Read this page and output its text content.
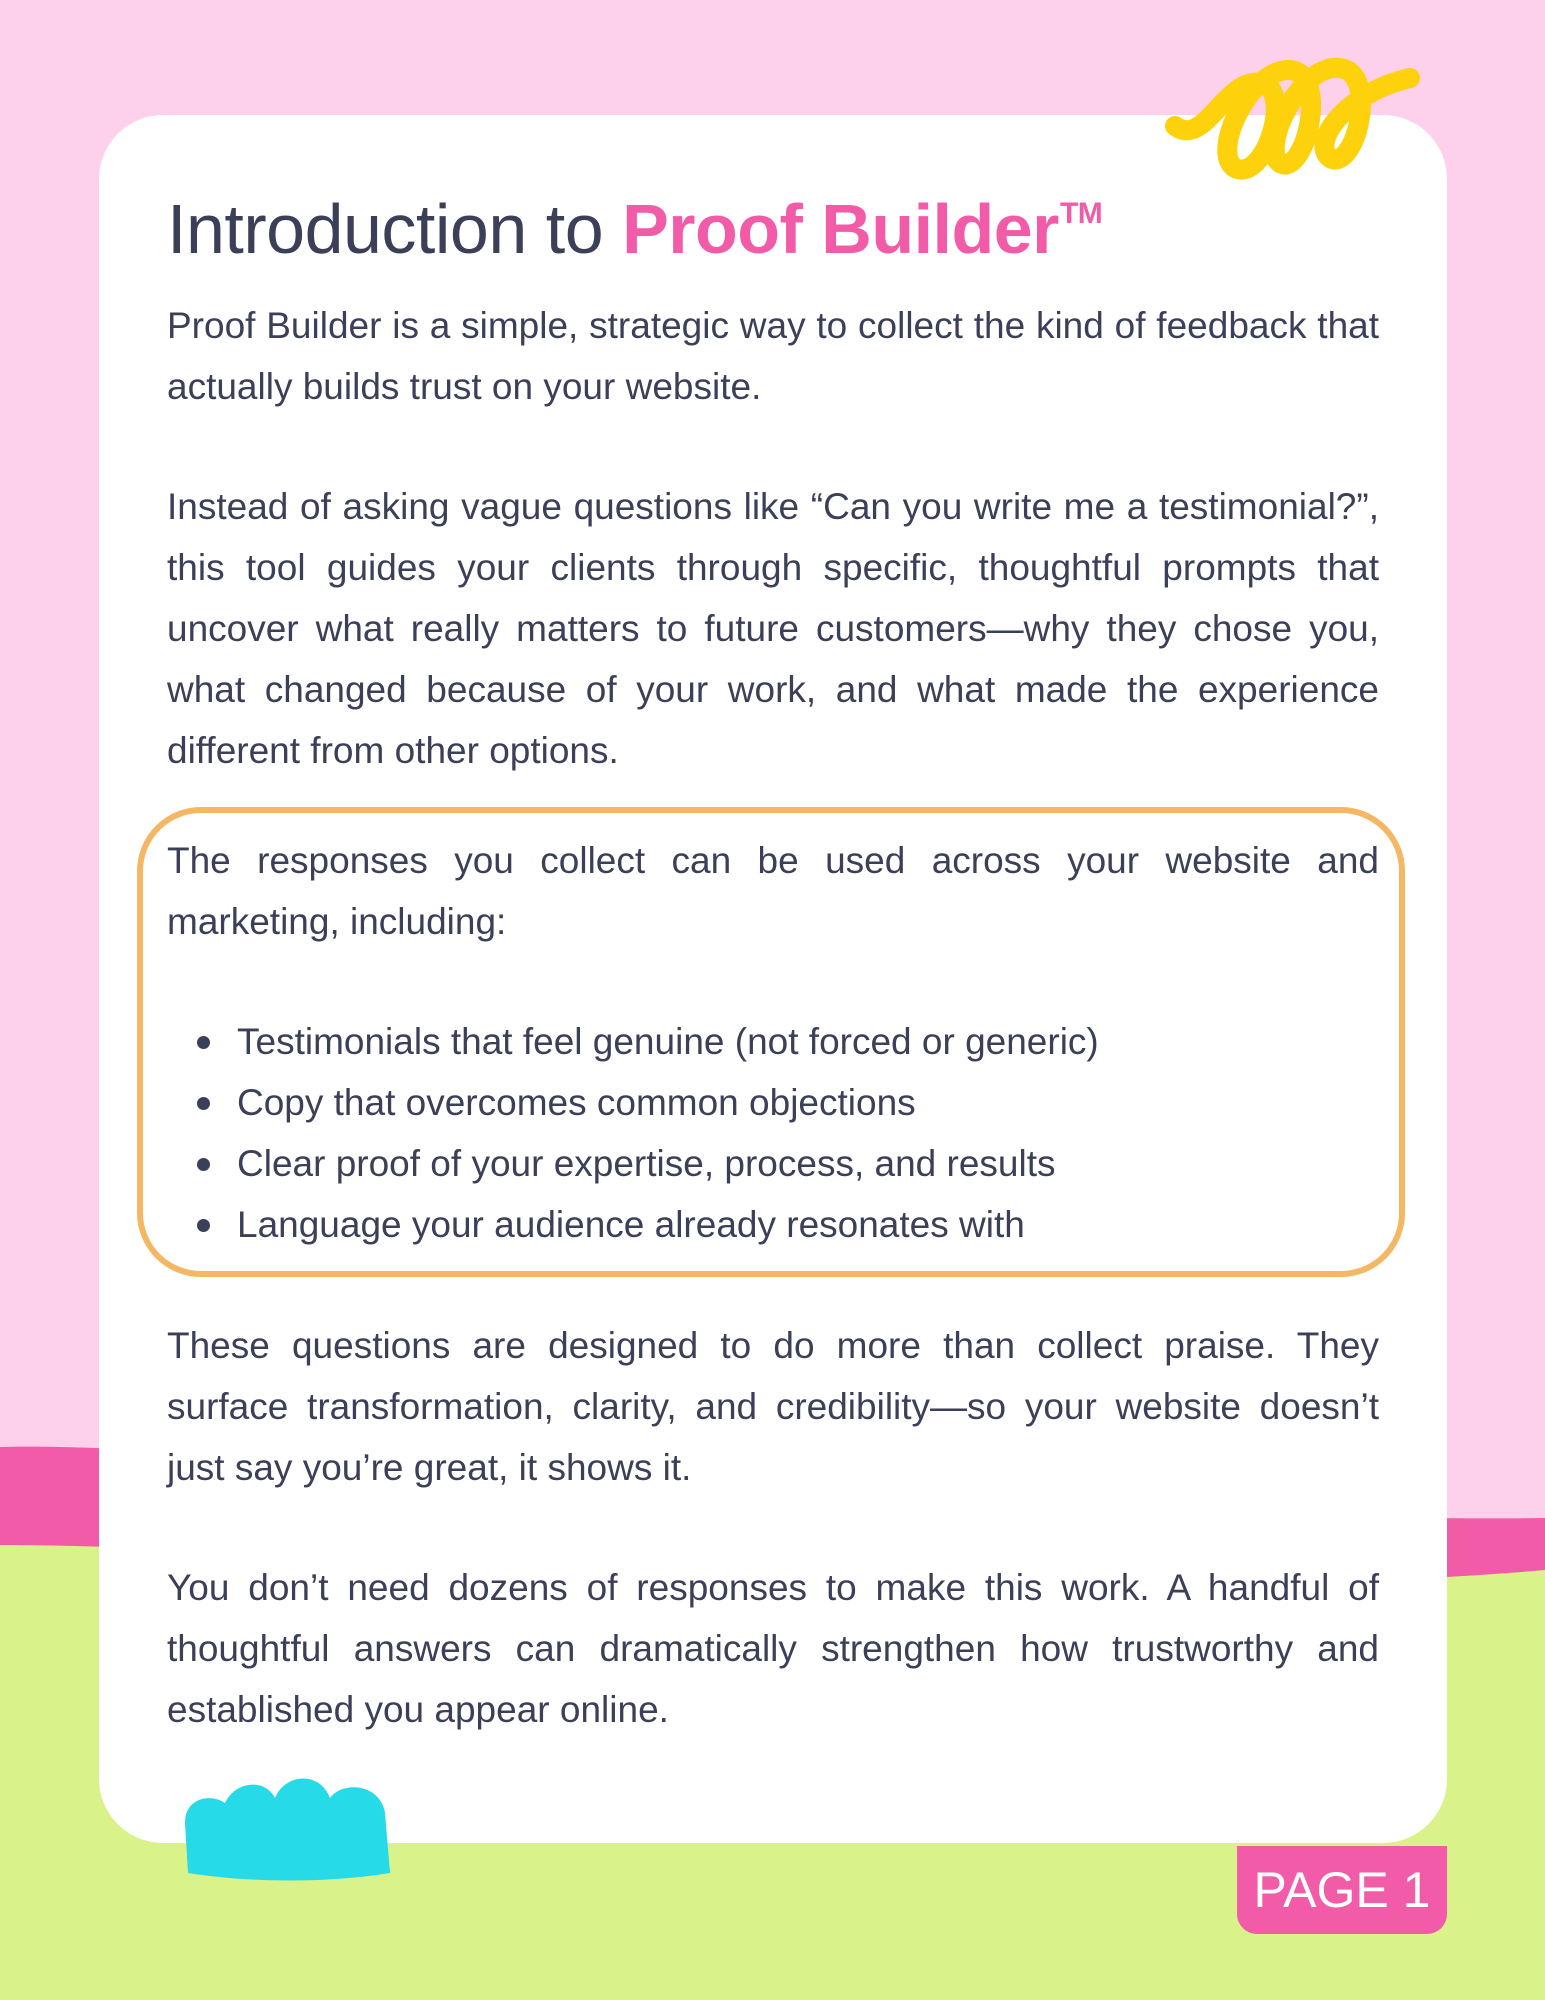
Introduction to Proof Builder™

Proof Builder is a simple, strategic way to collect the kind of feedback that actually builds trust on your website.

Instead of asking vague questions like “Can you write me a testimonial?”, this tool guides your clients through specific, thoughtful prompts that uncover what really matters to future customers—why they chose you, what changed because of your work, and what made the experience different from other options.

The responses you collect can be used across your website and marketing, including:

Testimonials that feel genuine (not forced or generic)
Copy that overcomes common objections
Clear proof of your expertise, process, and results
Language your audience already resonates with

These questions are designed to do more than collect praise. They surface transformation, clarity, and credibility—so your website doesn’t just say you’re great, it shows it.

You don’t need dozens of responses to make this work. A handful of thoughtful answers can dramatically strengthen how trustworthy and established you appear online.

PAGE 1
